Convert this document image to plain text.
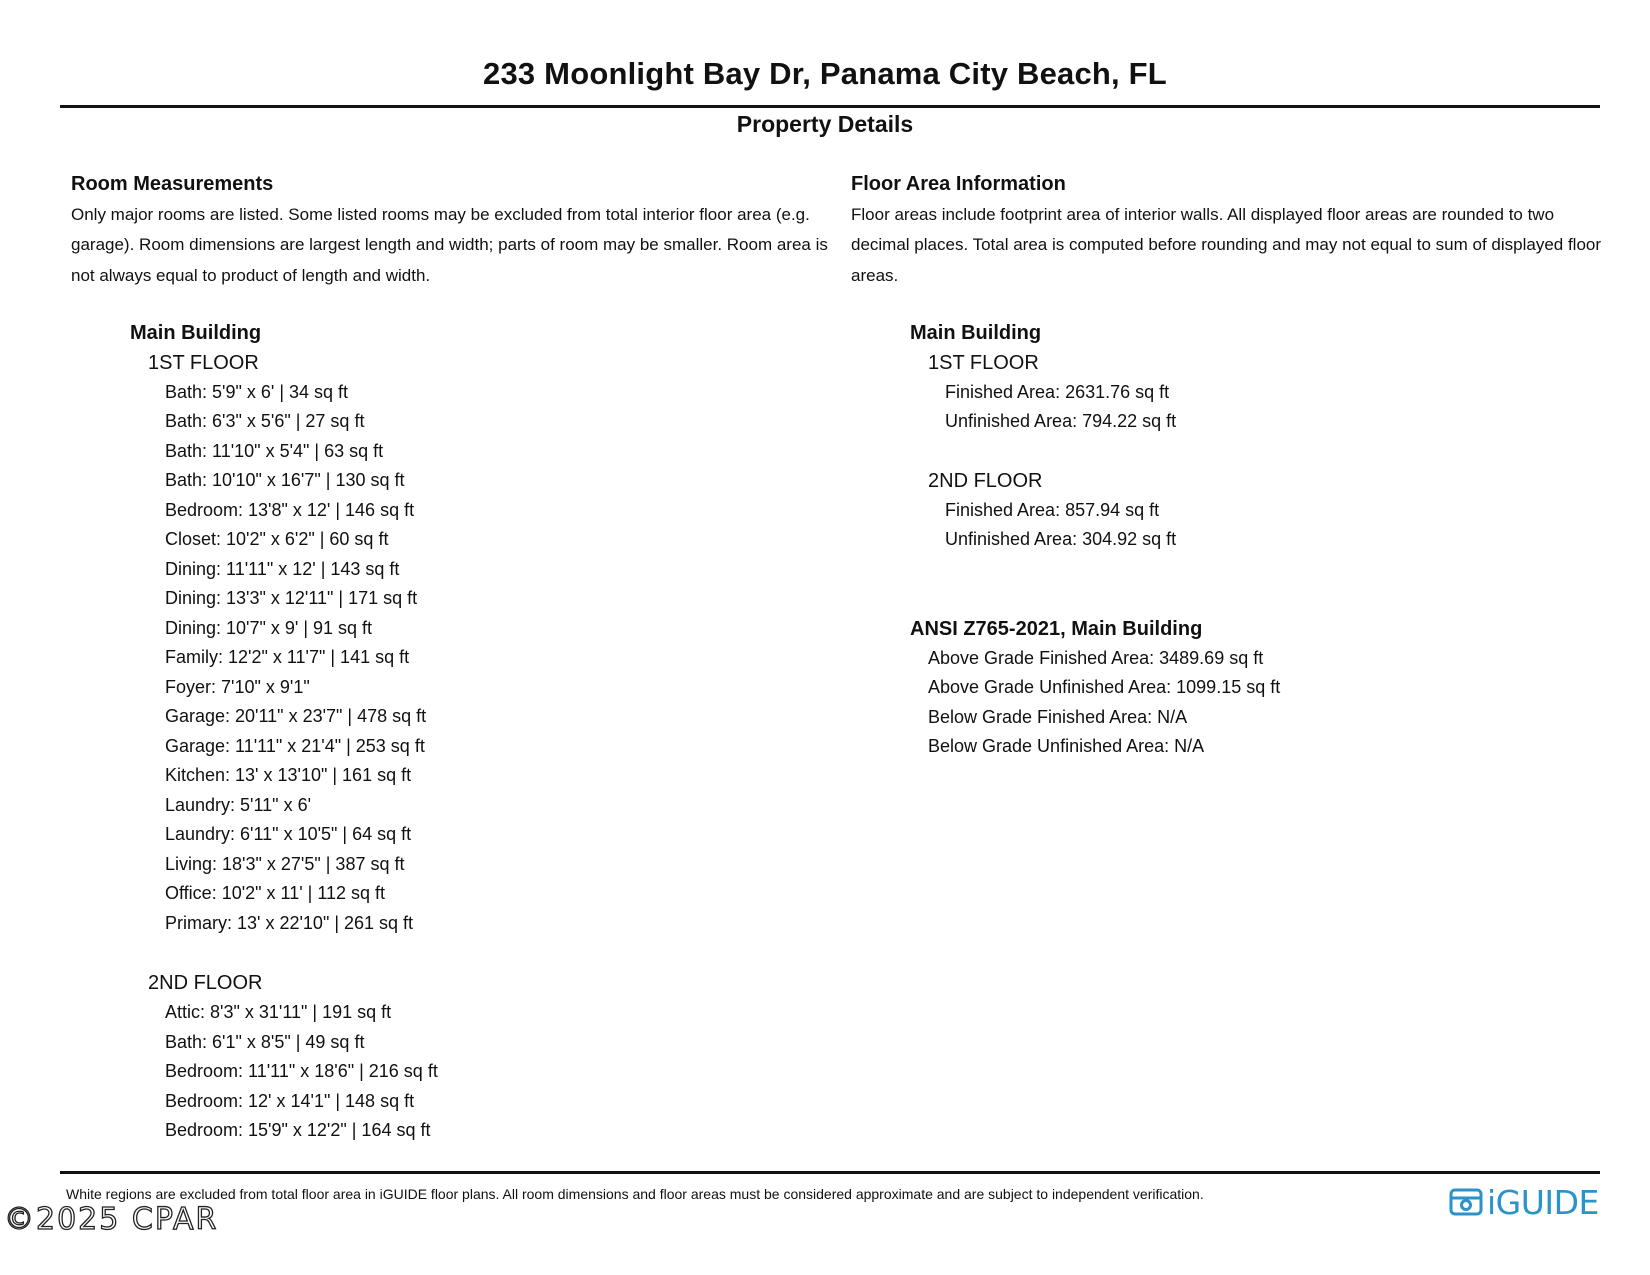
233 Moonlight Bay Dr, Panama City Beach, FL
Property Details
Room Measurements

Only major rooms are listed. Some listed rooms may be excluded from total interior floor area (e.g. garage). Room dimensions are largest length and width; parts of room may be smaller. Room area is not always equal to product of length and width.

Main Building
1ST FLOOR
Bath: 5'9" x 6' | 34 sq ft
Bath: 6'3" x 5'6" | 27 sq ft
Bath: 11'10" x 5'4" | 63 sq ft
Bath: 10'10" x 16'7" | 130 sq ft
Bedroom: 13'8" x 12' | 146 sq ft
Closet: 10'2" x 6'2" | 60 sq ft
Dining: 11'11" x 12' | 143 sq ft
Dining: 13'3" x 12'11" | 171 sq ft
Dining: 10'7" x 9' | 91 sq ft
Family: 12'2" x 11'7" | 141 sq ft
Foyer: 7'10" x 9'1"
Garage: 20'11" x 23'7" | 478 sq ft
Garage: 11'11" x 21'4" | 253 sq ft
Kitchen: 13' x 13'10" | 161 sq ft
Laundry: 5'11" x 6'
Laundry: 6'11" x 10'5" | 64 sq ft
Living: 18'3" x 27'5" | 387 sq ft
Office: 10'2" x 11' | 112 sq ft
Primary: 13' x 22'10" | 261 sq ft
2ND FLOOR
Attic: 8'3" x 31'11" | 191 sq ft
Bath: 6'1" x 8'5" | 49 sq ft
Bedroom: 11'11" x 18'6" | 216 sq ft
Bedroom: 12' x 14'1" | 148 sq ft
Bedroom: 15'9" x 12'2" | 164 sq ft
Floor Area Information

Floor areas include footprint area of interior walls. All displayed floor areas are rounded to two decimal places. Total area is computed before rounding and may not equal to sum of displayed floor areas.

Main Building
1ST FLOOR
Finished Area: 2631.76 sq ft
Unfinished Area: 794.22 sq ft
2ND FLOOR
Finished Area: 857.94 sq ft
Unfinished Area: 304.92 sq ft
ANSI Z765-2021, Main Building
Above Grade Finished Area: 3489.69 sq ft
Above Grade Unfinished Area: 1099.15 sq ft
Below Grade Finished Area: N/A
Below Grade Unfinished Area: N/A
White regions are excluded from total floor area in iGUIDE floor plans. All room dimensions and floor areas must be considered approximate and are subject to independent verification.
©2025 CPAR	iGUIDE
